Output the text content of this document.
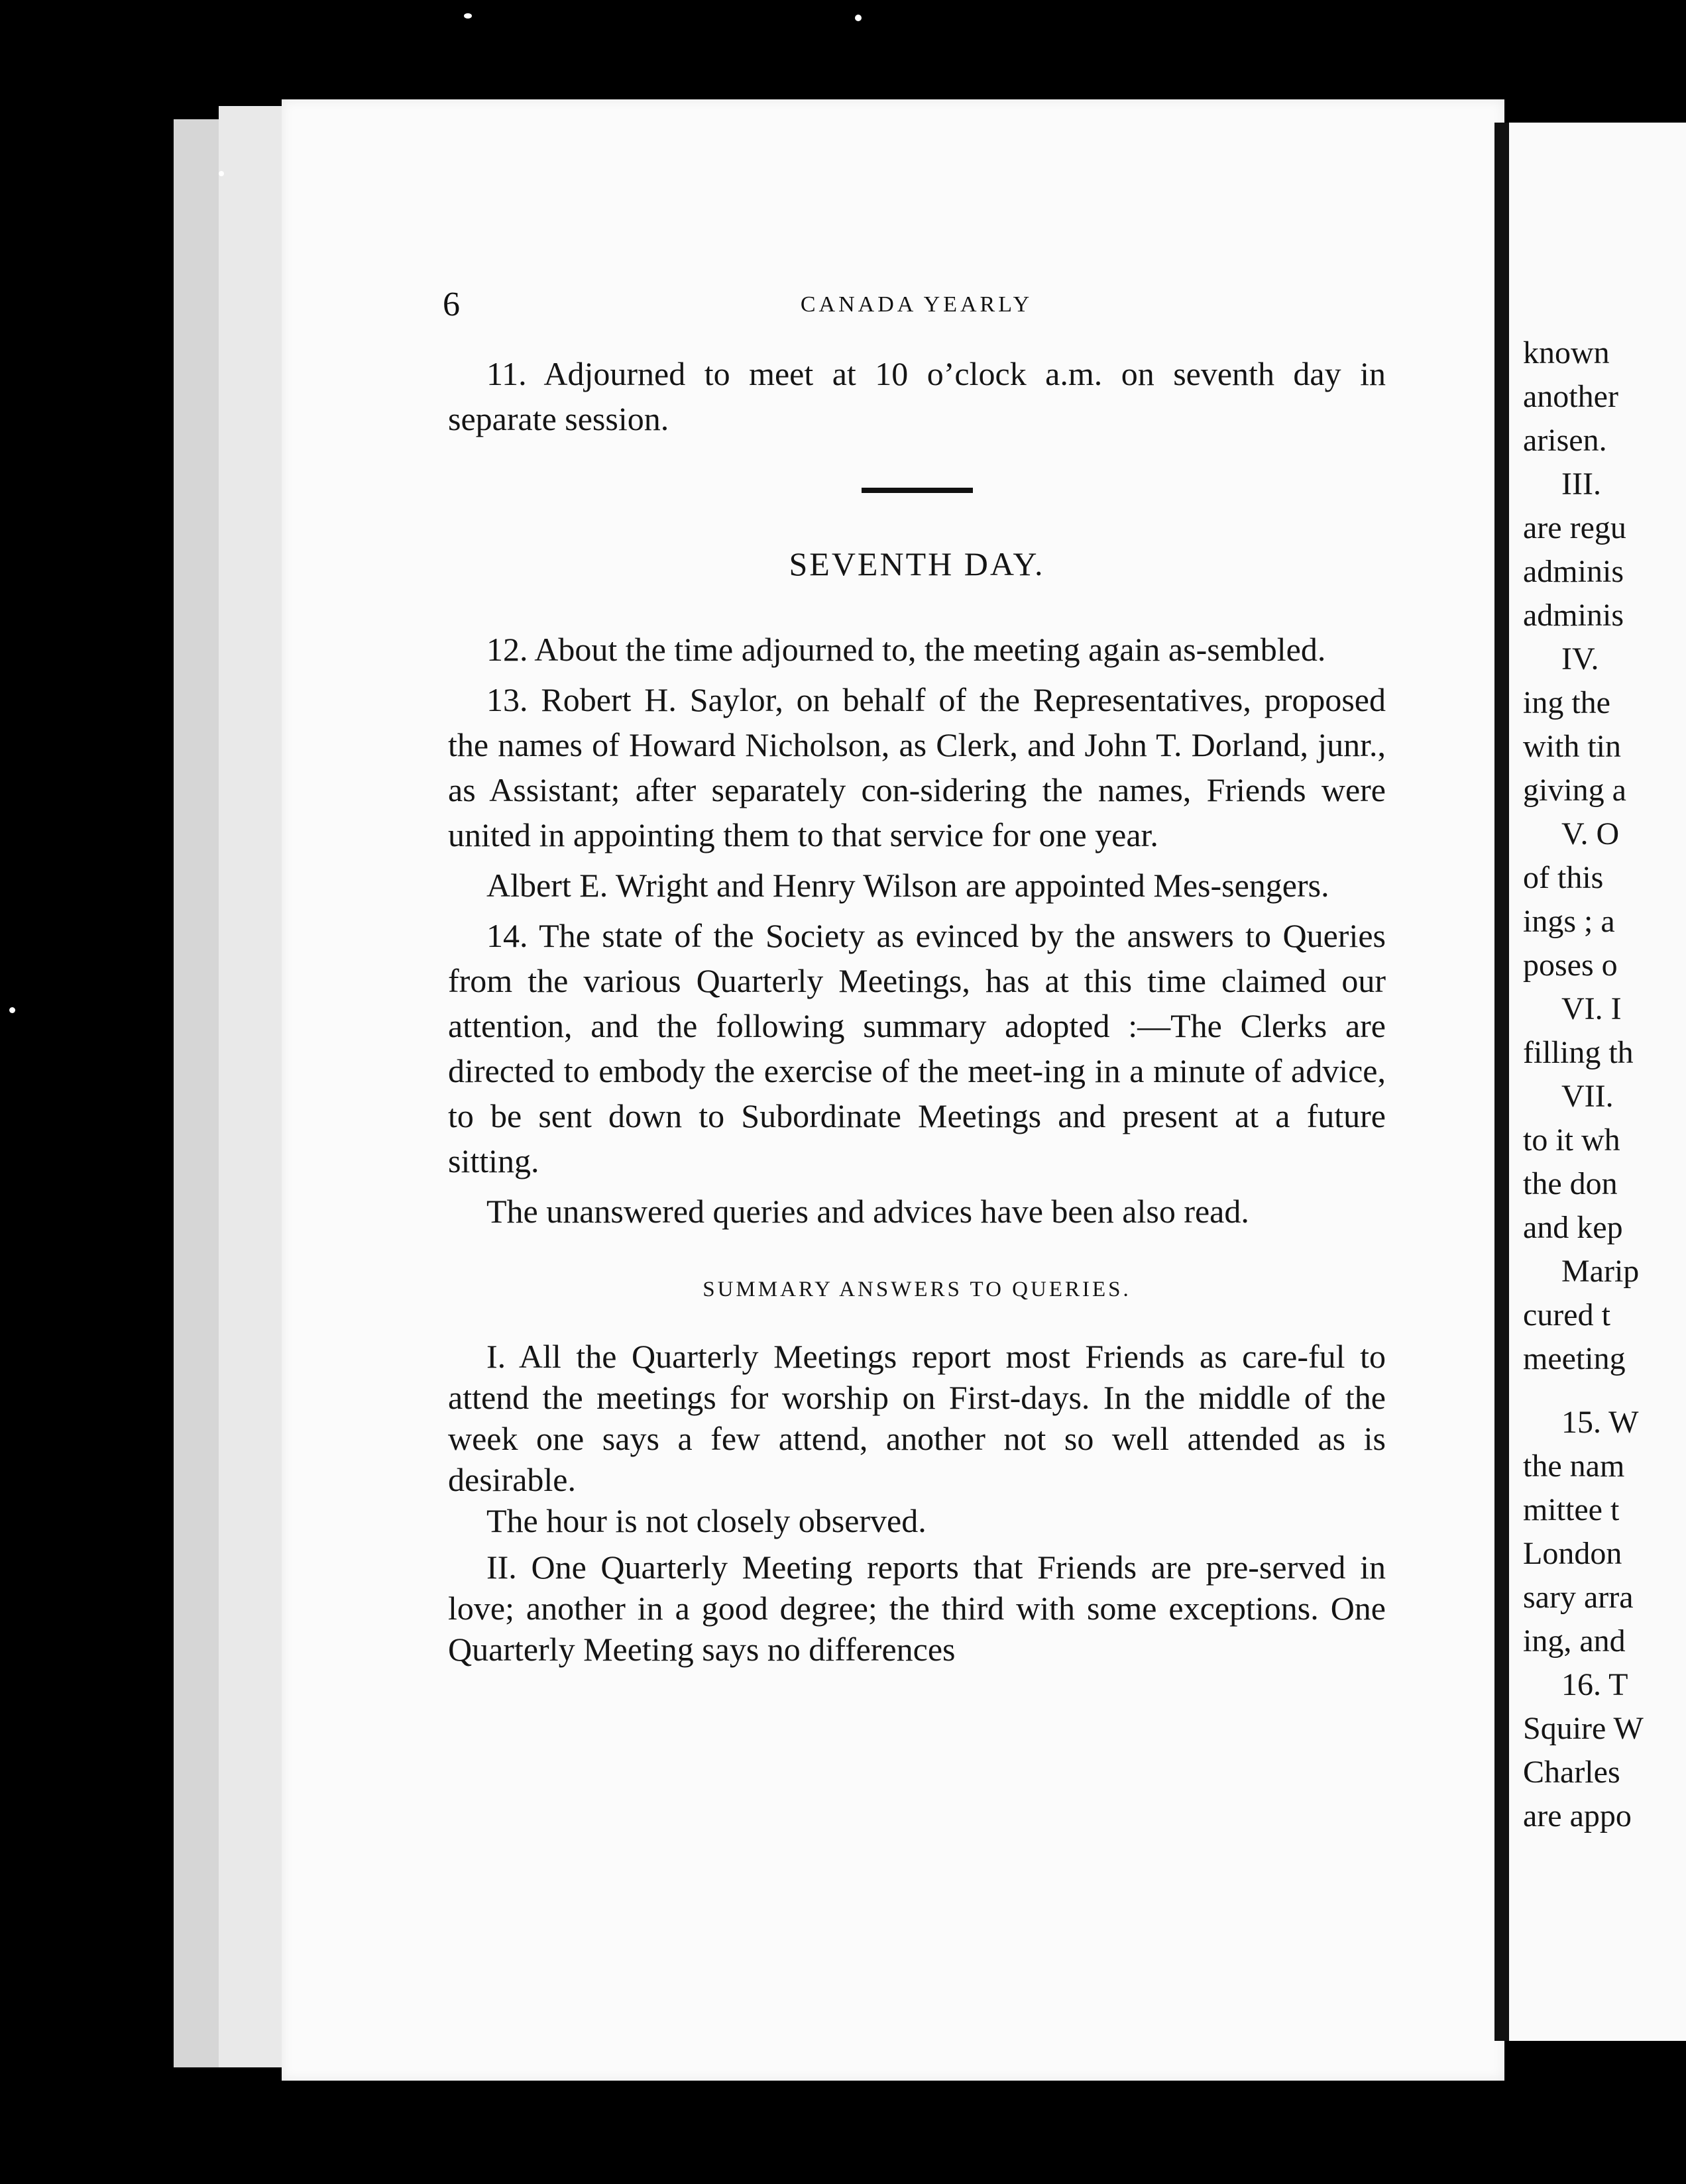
6	CANADA YEARLY

11. Adjourned to meet at 10 o’clock a.m. on seventh day in separate session.

SEVENTH DAY.

12. About the time adjourned to, the meeting again as-sembled.

13. Robert H. Saylor, on behalf of the Representatives, proposed the names of Howard Nicholson, as Clerk, and John T. Dorland, junr., as Assistant; after separately con-sidering the names, Friends were united in appointing them to that service for one year.

Albert E. Wright and Henry Wilson are appointed Mes-sengers.

14. The state of the Society as evinced by the answers to Queries from the various Quarterly Meetings, has at this time claimed our attention, and the following summary adopted :—The Clerks are directed to embody the exercise of the meet-ing in a minute of advice, to be sent down to Subordinate Meetings and present at a future sitting.

The unanswered queries and advices have been also read.

SUMMARY ANSWERS TO QUERIES.

I. All the Quarterly Meetings report most Friends as care-ful to attend the meetings for worship on First-days. In the middle of the week one says a few attend, another not so well attended as is desirable.

The hour is not closely observed.

II. One Quarterly Meeting reports that Friends are pre-served in love; another in a good degree; the third with some exceptions. One Quarterly Meeting says no differences

known
another
arisen.
III.
are regu
adminis
adminis
IV.
ing the
with tin
giving a
V. O
of this
ings ; a
poses o
VI. I
filling th
VII.
to it wh
the don
and kep
Marip
cured t
meeting
15. W
the nam
mittee t
London
sary arra
ing, and
16. T
Squire W
Charles
are appo
